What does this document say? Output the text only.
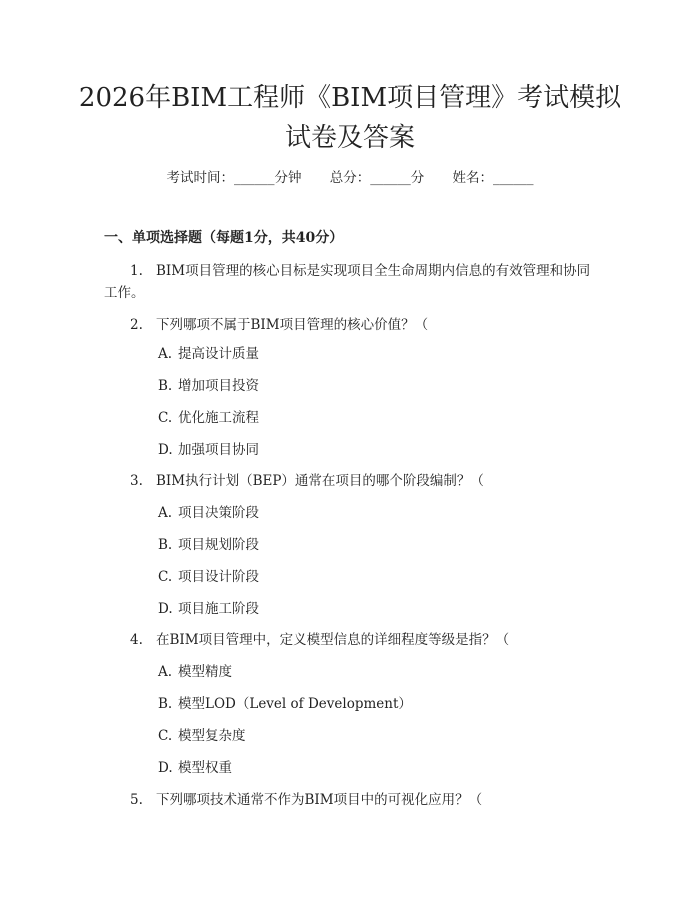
2026年BIM工程师《BIM项目管理》考试模拟试卷及答案
考试时间：______分钟 总分：______分 姓名：______
一、单项选择题（每题1分，共40分）

1. BIM项目管理的核心目标是实现项目全生命周期内信息的有效管理和协同工作。

2. 下列哪项不属于BIM项目管理的核心价值？（

A. 提高设计质量
B. 增加项目投资
C. 优化施工流程
D. 加强项目协同

3. BIM执行计划（BEP）通常在项目的哪个阶段编制？（

A. 项目决策阶段
B. 项目规划阶段
C. 项目设计阶段
D. 项目施工阶段

4. 在BIM项目管理中，定义模型信息的详细程度等级是指？（

A. 模型精度
B. 模型LOD（Level of Development）
C. 模型复杂度
D. 模型权重

5. 下列哪项技术通常不作为BIM项目中的可视化应用？（
